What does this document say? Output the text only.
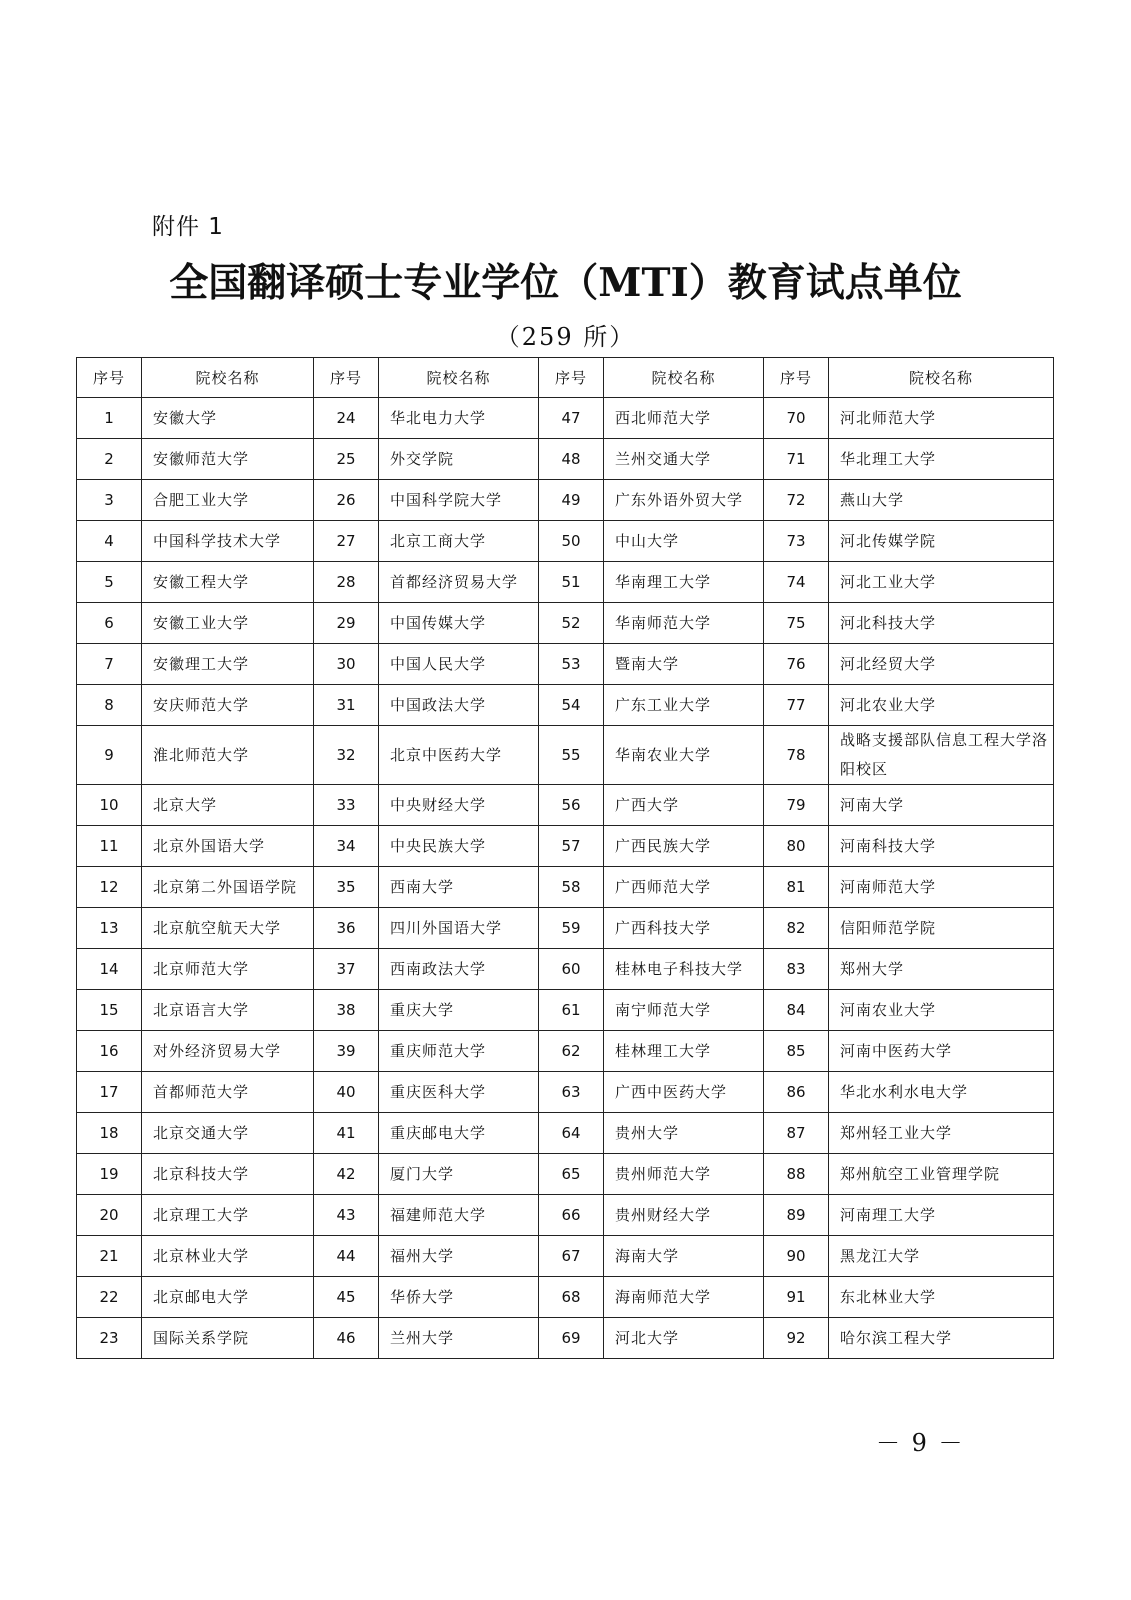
附件 1
全国翻译硕士专业学位（MTI）教育试点单位
（259 所）
序号	院校名称	序号	院校名称	序号	院校名称	序号	院校名称
1	安徽大学	24	华北电力大学	47	西北师范大学	70	河北师范大学
2	安徽师范大学	25	外交学院	48	兰州交通大学	71	华北理工大学
3	合肥工业大学	26	中国科学院大学	49	广东外语外贸大学	72	燕山大学
4	中国科学技术大学	27	北京工商大学	50	中山大学	73	河北传媒学院
5	安徽工程大学	28	首都经济贸易大学	51	华南理工大学	74	河北工业大学
6	安徽工业大学	29	中国传媒大学	52	华南师范大学	75	河北科技大学
7	安徽理工大学	30	中国人民大学	53	暨南大学	76	河北经贸大学
8	安庆师范大学	31	中国政法大学	54	广东工业大学	77	河北农业大学
9	淮北师范大学	32	北京中医药大学	55	华南农业大学	78	战略支援部队信息工程大学洛阳校区
10	北京大学	33	中央财经大学	56	广西大学	79	河南大学
11	北京外国语大学	34	中央民族大学	57	广西民族大学	80	河南科技大学
12	北京第二外国语学院	35	西南大学	58	广西师范大学	81	河南师范大学
13	北京航空航天大学	36	四川外国语大学	59	广西科技大学	82	信阳师范学院
14	北京师范大学	37	西南政法大学	60	桂林电子科技大学	83	郑州大学
15	北京语言大学	38	重庆大学	61	南宁师范大学	84	河南农业大学
16	对外经济贸易大学	39	重庆师范大学	62	桂林理工大学	85	河南中医药大学
17	首都师范大学	40	重庆医科大学	63	广西中医药大学	86	华北水利水电大学
18	北京交通大学	41	重庆邮电大学	64	贵州大学	87	郑州轻工业大学
19	北京科技大学	42	厦门大学	65	贵州师范大学	88	郑州航空工业管理学院
20	北京理工大学	43	福建师范大学	66	贵州财经大学	89	河南理工大学
21	北京林业大学	44	福州大学	67	海南大学	90	黑龙江大学
22	北京邮电大学	45	华侨大学	68	海南师范大学	91	东北林业大学
23	国际关系学院	46	兰州大学	69	河北大学	92	哈尔滨工程大学
－ 9 －
